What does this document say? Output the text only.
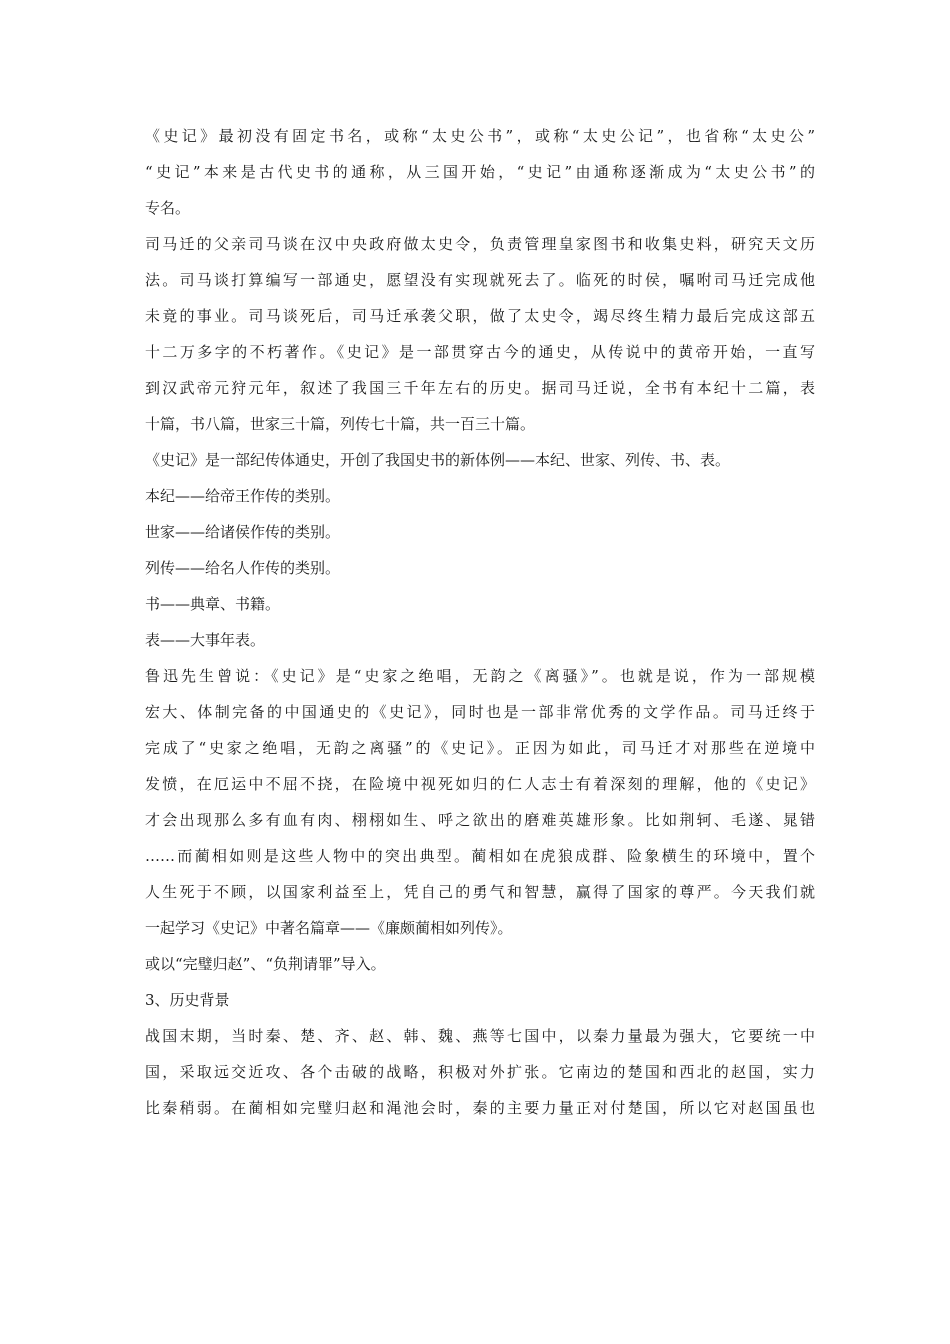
《史记》最初没有固定书名，或称“太史公书”，或称“太史公记”，也省称“太史公”
“史记”本来是古代史书的通称，从三国开始，“史记”由通称逐渐成为“太史公书”的
专名。
司马迁的父亲司马谈在汉中央政府做太史令，负责管理皇家图书和收集史料，研究天文历
法。司马谈打算编写一部通史，愿望没有实现就死去了。临死的时侯，嘱咐司马迁完成他
未竟的事业。司马谈死后，司马迁承袭父职，做了太史令，竭尽终生精力最后完成这部五
十二万多字的不朽著作。《史记》是一部贯穿古今的通史，从传说中的黄帝开始，一直写
到汉武帝元狩元年，叙述了我国三千年左右的历史。据司马迁说，全书有本纪十二篇，表
十篇，书八篇，世家三十篇，列传七十篇，共一百三十篇。
《史记》是一部纪传体通史，开创了我国史书的新体例——本纪、世家、列传、书、表。
本纪——给帝王作传的类别。
世家——给诸侯作传的类别。
列传——给名人作传的类别。
书——典章、书籍。
表——大事年表。
鲁迅先生曾说：《史记》是“史家之绝唱，无韵之《离骚》”。也就是说，作为一部规模
宏大、体制完备的中国通史的《史记》，同时也是一部非常优秀的文学作品。司马迁终于
完成了“史家之绝唱，无韵之离骚”的《史记》。正因为如此，司马迁才对那些在逆境中
发愤，在厄运中不屈不挠，在险境中视死如归的仁人志士有着深刻的理解，他的《史记》
才会出现那么多有血有肉、栩栩如生、呼之欲出的磨难英雄形象。比如荆轲、毛遂、晁错
……而蔺相如则是这些人物中的突出典型。蔺相如在虎狼成群、险象横生的环境中，置个
人生死于不顾，以国家利益至上，凭自己的勇气和智慧，赢得了国家的尊严。今天我们就
一起学习《史记》中著名篇章——《廉颇蔺相如列传》。
或以“完璧归赵”、“负荆请罪”导入。
3、历史背景
战国末期，当时秦、楚、齐、赵、韩、魏、燕等七国中，以秦力量最为强大，它要统一中
国，采取远交近攻、各个击破的战略，积极对外扩张。它南边的楚国和西北的赵国，实力
比秦稍弱。在蔺相如完璧归赵和渑池会时，秦的主要力量正对付楚国，所以它对赵国虽也
